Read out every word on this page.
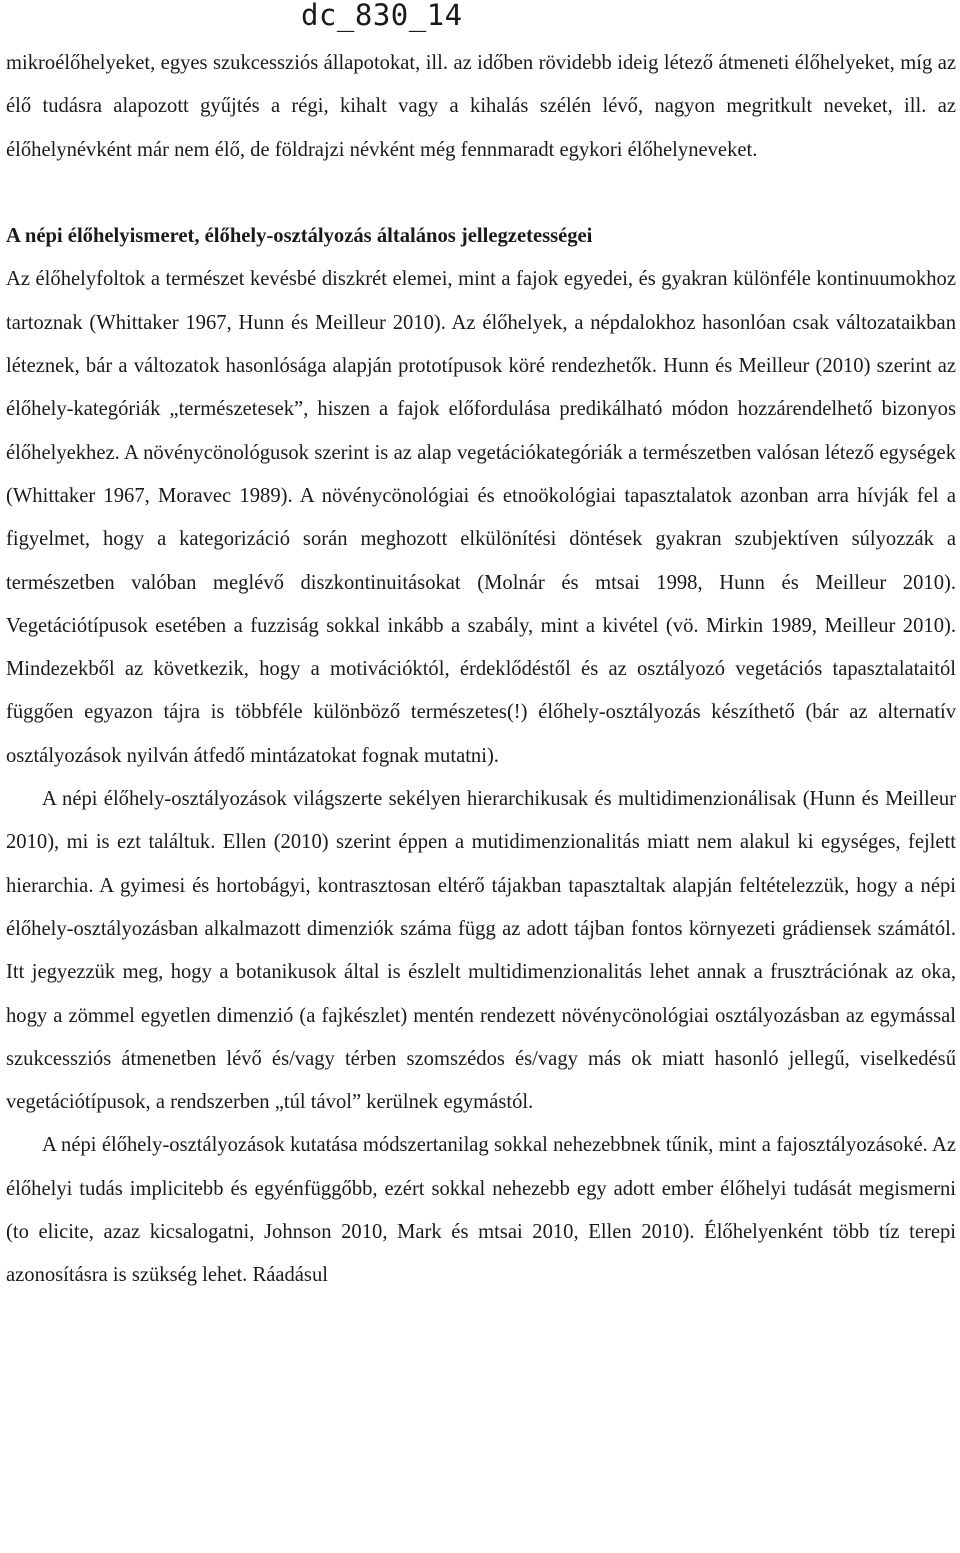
dc_830_14

mikroélőhelyeket, egyes szukcessziós állapotokat, ill. az időben rövidebb ideig létező átmeneti élőhelyeket, míg az élő tudásra alapozott gyűjtés a régi, kihalt vagy a kihalás szélén lévő, nagyon megritkult neveket, ill. az élőhelynévként már nem élő, de földrajzi névként még fennmaradt egykori élőhelyneveket.

A népi élőhelyismeret, élőhely-osztályozás általános jellegzetességei

Az élőhelyfoltok a természet kevésbé diszkrét elemei, mint a fajok egyedei, és gyakran különféle kontinuumokhoz tartoznak (Whittaker 1967, Hunn és Meilleur 2010). Az élőhelyek, a népdalokhoz hasonlóan csak változataikban léteznek, bár a változatok hasonlósága alapján prototípusok köré rendezhetők. Hunn és Meilleur (2010) szerint az élőhely-kategóriák „természetesek”, hiszen a fajok előfordulása predikálható módon hozzárendelhető bizonyos élőhelyekhez. A növénycönológusok szerint is az alap vegetációkategóriák a természetben valósan létező egységek (Whittaker 1967, Moravec 1989). A növénycönológiai és etnoökológiai tapasztalatok azonban arra hívják fel a figyelmet, hogy a kategorizáció során meghozott elkülönítési döntések gyakran szubjektíven súlyozzák a természetben valóban meglévő diszkontinuitásokat (Molnár és mtsai 1998, Hunn és Meilleur 2010). Vegetációtípusok esetében a fuzziság sokkal inkább a szabály, mint a kivétel (vö. Mirkin 1989, Meilleur 2010). Mindezekből az következik, hogy a motivációktól, érdeklődéstől és az osztályozó vegetációs tapasztalataitól függően egyazon tájra is többféle különböző természetes(!) élőhely-osztályozás készíthető (bár az alternatív osztályozások nyilván átfedő mintázatokat fognak mutatni).

A népi élőhely-osztályozások világszerte sekélyen hierarchikusak és multidimenzionálisak (Hunn és Meilleur 2010), mi is ezt találtuk. Ellen (2010) szerint éppen a mutidimenzionalitás miatt nem alakul ki egységes, fejlett hierarchia. A gyimesi és hortobágyi, kontrasztosan eltérő tájakban tapasztaltak alapján feltételezzük, hogy a népi élőhely-osztályozásban alkalmazott dimenziók száma függ az adott tájban fontos környezeti grádiensek számától. Itt jegyezzük meg, hogy a botanikusok által is észlelt multidimenzionalitás lehet annak a frusztrációnak az oka, hogy a zömmel egyetlen dimenzió (a fajkészlet) mentén rendezett növénycönológiai osztályozásban az egymással szukcessziós átmenetben lévő és/vagy térben szomszédos és/vagy más ok miatt hasonló jellegű, viselkedésű vegetációtípusok, a rendszerben „túl távol” kerülnek egymástól.

A népi élőhely-osztályozások kutatása módszertanilag sokkal nehezebbnek tűnik, mint a fajosztályozásoké. Az élőhelyi tudás implicitebb és egyénfüggőbb, ezért sokkal nehezebb egy adott ember élőhelyi tudását megismerni (to elicite, azaz kicsalogatni, Johnson 2010, Mark és mtsai 2010, Ellen 2010). Élőhelyenként több tíz terepi azonosításra is szükség lehet. Ráadásul
